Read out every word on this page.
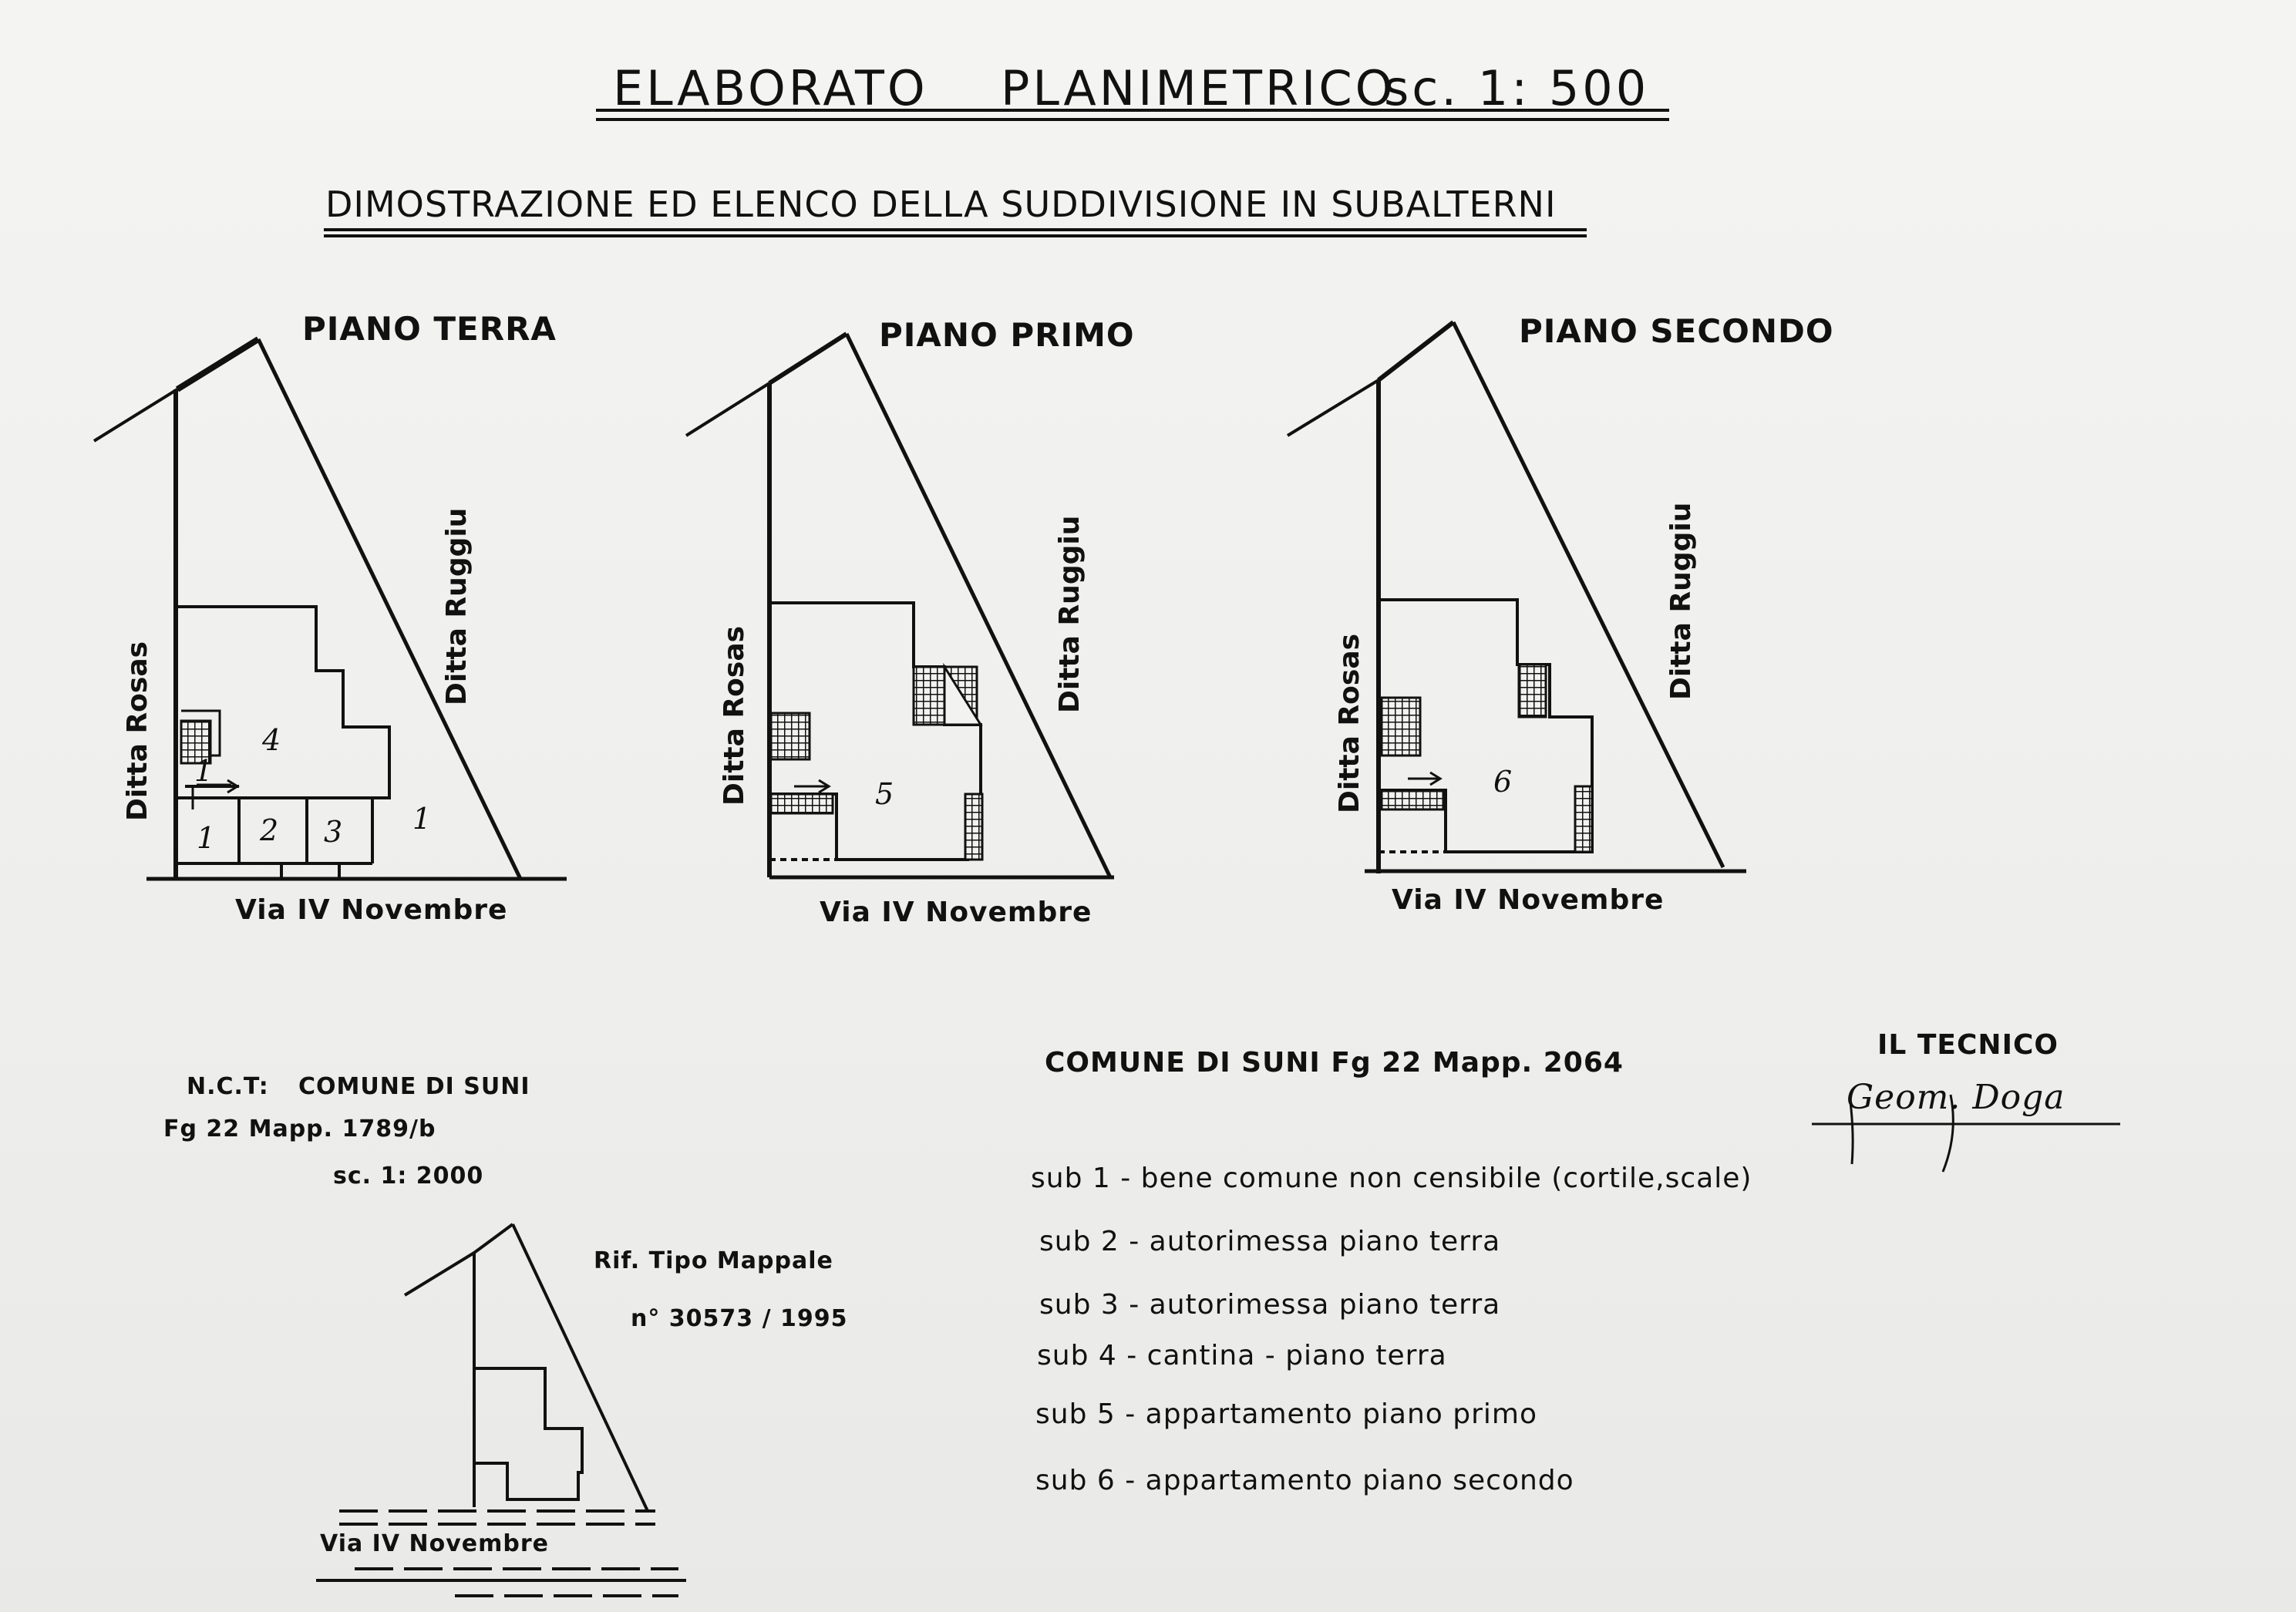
ELABORATO PLANIMETRICO
sc. 1: 500
DIMOSTRAZIONE ED ELENCO DELLA SUDDIVISIONE IN SUBALTERNI
PIANO TERRA	PIANO PRIMO	PIANO SECONDO
Ditta Rosas
Ditta Ruggiu
Ditta Rosas
Ditta Ruggiu
Ditta Rosas
Ditta Ruggiu
1
4
1 2 3 1
5	6
Via IV Novembre	Via IV Novembre	Via IV Novembre
N.C.T: COMUNE DI SUNI
Fg 22 Mapp. 1789/b
sc. 1: 2000
Via IV Novembre
Rif. Tipo Mappale
n° 30573 / 1995
COMUNE DI SUNI Fg 22 Mapp. 2064
sub 1 - bene comune non censibile (cortile,scale)
sub 2 - autorimessa piano terra
sub 3 - autorimessa piano terra
sub 4 - cantina - piano terra
sub 5 - appartamento piano primo
sub 6 - appartamento piano secondo
IL TECNICO
Geom. Doga
